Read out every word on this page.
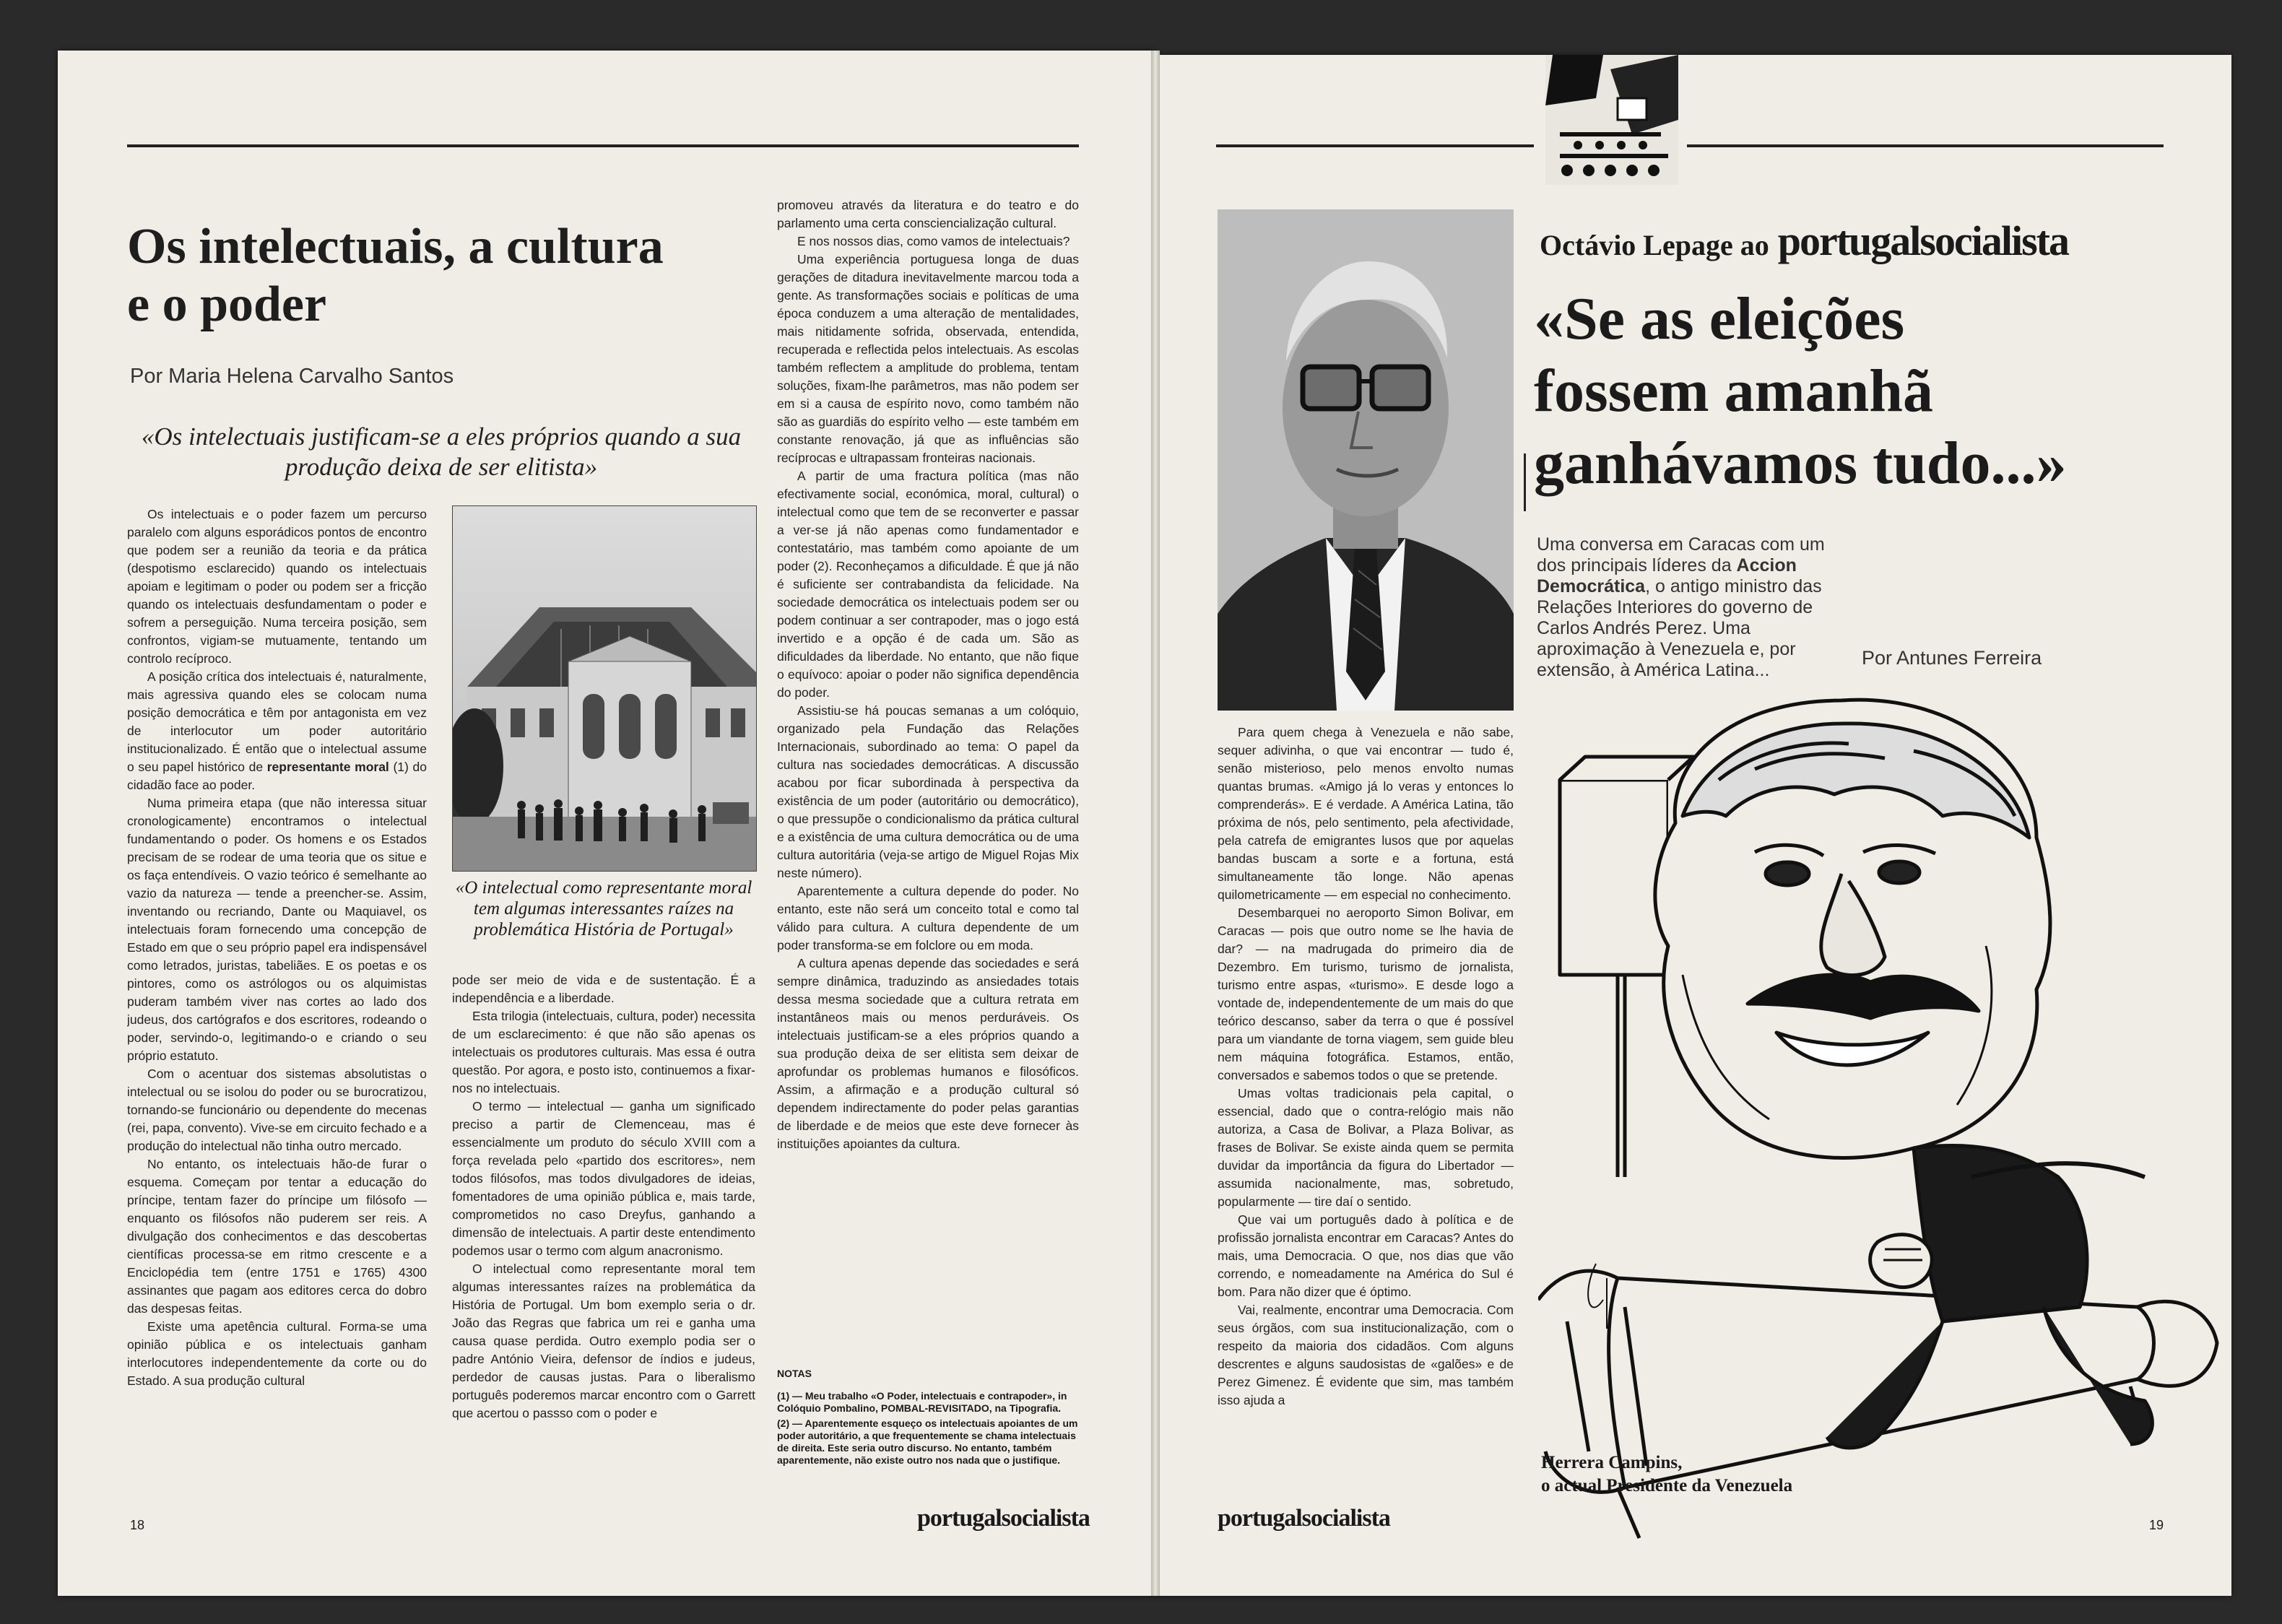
Os intelectuais, a cultura
e o poder
Por Maria Helena Carvalho Santos
«Os intelectuais justificam-se a eles próprios quando a sua produção deixa de ser elitista»

Os intelectuais e o poder fazem um percurso paralelo com alguns esporádicos pontos de encontro que podem ser a reunião da teoria e da prática (despotismo esclarecido) quando os intelectuais apoiam e legitimam o poder ou podem ser a fricção quando os intelectuais desfundamentam o poder e sofrem a perseguição. Numa terceira posição, sem confrontos, vigiam-se mutuamente, tentando um controlo recíproco.

A posição crítica dos intelectuais é, naturalmente, mais agressiva quando eles se colocam numa posição democrática e têm por antagonista em vez de interlocutor um poder autoritário institucionalizado. É então que o intelectual assume o seu papel histórico de representante moral (1) do cidadão face ao poder.

Numa primeira etapa (que não interessa situar cronologicamente) encontramos o intelectual fundamentando o poder. Os homens e os Estados precisam de se rodear de uma teoria que os situe e os faça entendíveis. O vazio teórico é semelhante ao vazio da natureza — tende a preencher-se. Assim, inventando ou recriando, Dante ou Maquiavel, os intelectuais foram fornecendo uma concepção de Estado em que o seu próprio papel era indispensável como letrados, juristas, tabeliães. E os poetas e os pintores, como os astrólogos ou os alquimistas puderam também viver nas cortes ao lado dos judeus, dos cartógrafos e dos escritores, rodeando o poder, servindo-o, legitimando-o e criando o seu próprio estatuto.

Com o acentuar dos sistemas absolutistas o intelectual ou se isolou do poder ou se burocratizou, tornando-se funcionário ou dependente do mecenas (rei, papa, convento). Vive-se em circuito fechado e a produção do intelectual não tinha outro mercado.

No entanto, os intelectuais hão-de furar o esquema. Começam por tentar a educação do príncipe, tentam fazer do príncipe um filósofo — enquanto os filósofos não puderem ser reis. A divulgação dos conhecimentos e das descobertas científicas processa-se em ritmo crescente e a Enciclopédia tem (entre 1751 e 1765) 4300 assinantes que pagam aos editores cerca do dobro das despesas feitas.

Existe uma apetência cultural. Forma-se uma opinião pública e os intelectuais ganham interlocutores independentemente da corte ou do Estado. A sua produção cultural

«O intelectual como representante moral tem algumas interessantes raízes na problemática História de Portugal»

pode ser meio de vida e de sustentação. É a independência e a liberdade.

Esta trilogia (intelectuais, cultura, poder) necessita de um esclarecimento: é que não são apenas os intelectuais os produtores culturais. Mas essa é outra questão. Por agora, e posto isto, continuemos a fixar-nos no intelectuais.

O termo — intelectual — ganha um significado preciso a partir de Clemenceau, mas é essencialmente um produto do século XVIII com a força revelada pelo «partido dos escritores», nem todos filósofos, mas todos divulgadores de ideias, fomentadores de uma opinião pública e, mais tarde, comprometidos no caso Dreyfus, ganhando a dimensão de intelectuais. A partir deste entendimento podemos usar o termo com algum anacronismo.

O intelectual como representante moral tem algumas interessantes raízes na problemática da História de Portugal. Um bom exemplo seria o dr. João das Regras que fabrica um rei e ganha uma causa quase perdida. Outro exemplo podia ser o padre António Vieira, defensor de índios e judeus, perdedor de causas justas. Para o liberalismo português poderemos marcar encontro com o Garrett que acertou o passso com o poder e

promoveu através da literatura e do teatro e do parlamento uma certa consciencialização cultural.

E nos nossos dias, como vamos de intelectuais?

Uma experiência portuguesa longa de duas gerações de ditadura inevitavelmente marcou toda a gente. As transformações sociais e políticas de uma época conduzem a uma alteração de mentalidades, mais nitidamente sofrida, observada, entendida, recuperada e reflectida pelos intelectuais. As escolas também reflectem a amplitude do problema, tentam soluções, fixam-lhe parâmetros, mas não podem ser em si a causa de espírito novo, como também não são as guardiãs do espírito velho — este também em constante renovação, já que as influências são recíprocas e ultrapassam fronteiras nacionais.

A partir de uma fractura política (mas não efectivamente social, económica, moral, cultural) o intelectual como que tem de se reconverter e passar a ver-se já não apenas como fundamentador e contestatário, mas também como apoiante de um poder (2). Reconheçamos a dificuldade. É que já não é suficiente ser contrabandista da felicidade. Na sociedade democrática os intelectuais podem ser ou podem continuar a ser contrapoder, mas o jogo está invertido e a opção é de cada um. São as dificuldades da liberdade. No entanto, que não fique o equívoco: apoiar o poder não significa dependência do poder.

Assistiu-se há poucas semanas a um colóquio, organizado pela Fundação das Relações Internacionais, subordinado ao tema: O papel da cultura nas sociedades democráticas. A discussão acabou por ficar subordinada à perspectiva da existência de um poder (autoritário ou democrático), o que pressupõe o condicionalismo da prática cultural e a existência de uma cultura democrática ou de uma cultura autoritária (veja-se artigo de Miguel Rojas Mix neste número).

Aparentemente a cultura depende do poder. No entanto, este não será um conceito total e como tal válido para cultura. A cultura dependente de um poder transforma-se em folclore ou em moda.

A cultura apenas depende das sociedades e será sempre dinâmica, traduzindo as ansiedades totais dessa mesma sociedade que a cultura retrata em instantâneos mais ou menos perduráveis. Os intelectuais justificam-se a eles próprios quando a sua produção deixa de ser elitista sem deixar de aprofundar os problemas humanos e filosóficos. Assim, a afirmação e a produção cultural só dependem indirectamente do poder pelas garantias de liberdade e de meios que este deve fornecer às instituições apoiantes da cultura.

NOTAS
(1) — Meu trabalho «O Poder, intelectuais e contrapoder», in Colóquio Pombalino, POMBAL-REVISITADO, na Tipografia.
(2) — Aparentemente esqueço os intelectuais apoiantes de um poder autoritário, a que frequentemente se chama intelectuais de direita. Este seria outro discurso. No entanto, também aparentemente, não existe outro nos nada que o justifique.
18	portugalsocialista
Octávio Lepage ao portugalsocialista
«Se as eleições
fossem amanhã
ganhávamos tudo...»
Uma conversa em Caracas com um dos principais líderes da Accion Democrática, o antigo ministro das Relações Interiores do governo de Carlos Andrés Perez. Uma aproximação à Venezuela e, por extensão, à América Latina...
Por Antunes Ferreira

Para quem chega à Venezuela e não sabe, sequer adivinha, o que vai encontrar — tudo é, senão misterioso, pelo menos envolto numas quantas brumas. «Amigo já lo veras y entonces lo comprenderás». E é verdade. A América Latina, tão próxima de nós, pelo sentimento, pela afectividade, pela catrefa de emigrantes lusos que por aquelas bandas buscam a sorte e a fortuna, está simultaneamente tão longe. Não apenas quilometricamente — em especial no conhecimento.

Desembarquei no aeroporto Simon Bolivar, em Caracas — pois que outro nome se lhe havia de dar? — na madrugada do primeiro dia de Dezembro. Em turismo, turismo de jornalista, turismo entre aspas, «turismo». E desde logo a vontade de, independentemente de um mais do que teórico descanso, saber da terra o que é possível para um viandante de torna viagem, sem guide bleu nem máquina fotográfica. Estamos, então, conversados e sabemos todos o que se pretende.

Umas voltas tradicionais pela capital, o essencial, dado que o contra-relógio mais não autoriza, a Casa de Bolivar, a Plaza Bolivar, as frases de Bolivar. Se existe ainda quem se permita duvidar da importância da figura do Libertador — assumida nacionalmente, mas, sobretudo, popularmente — tire daí o sentido.

Que vai um português dado à política e de profissão jornalista encontrar em Caracas? Antes do mais, uma Democracia. O que, nos dias que vão correndo, e nomeadamente na América do Sul é bom. Para não dizer que é óptimo.

Vai, realmente, encontrar uma Democracia. Com seus órgãos, com sua institucionalização, com o respeito da maioria dos cidadãos. Com alguns descrentes e alguns saudosistas de «galões» e de Perez Gimenez. É evidente que sim, mas também isso ajuda a

Herrera Campins,
o actual Presidente da Venezuela
portugalsocialista	19
